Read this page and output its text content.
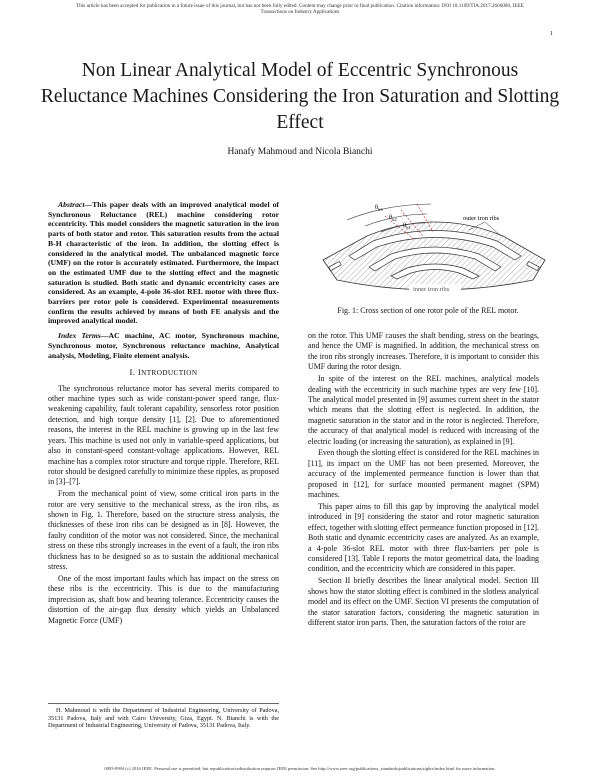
This article has been accepted for publication in a future issue of this journal, but has not been fully edited. Content may change prior to final publication. Citation information: DOI 10.1109/TIA.2017.2666086, IEEE
Transactions on Industry Applications
1
Non Linear Analytical Model of Eccentric Synchronous Reluctance Machines Considering the Iron Saturation and Slotting Effect
Hanafy Mahmoud and Nicola Bianchi

Abstract—This paper deals with an improved analytical model of Synchronous Reluctance (REL) machine considering rotor eccentricity. This model considers the magnetic saturation in the iron parts of both stator and rotor. This saturation results from the actual B-H characteristic of the iron. In addition, the slotting effect is considered in the analytical model. The unbalanced magnetic force (UMF) on the rotor is accurately estimated. Furthermore, the impact on the estimated UMF due to the slotting effect and the magnetic saturation is studied. Both static and dynamic eccentricity cases are considered. As an example, 4-pole 36-slot REL motor with three flux-barriers per rotor pole is considered. Experimental measurements confirm the results achieved by means of both FE analysis and the improved analytical model.

Index Terms—AC machine, AC motor, Synchronous machine, Synchronous motor, Synchronous reluctance machine, Analytical analysis, Modeling, Finite element analysis.

I. INTRODUCTION

The synchronous reluctance motor has several merits compared to other machine types such as wide constant-power speed range, flux-weakening capability, fault tolerant capability, sensorless rotor position detection, and high torque density [1], [2]. Due to aforementioned reasons, the interest in the REL machine is growing up in the last few years. This machine is used not only in variable-speed applications, but also in constant-speed constant-voltage applications. However, REL machine has a complex rotor structure and torque ripple. Therefore, REL rotor should be designed carefully to minimize these ripples, as proposed in [3]–[7].

From the mechanical point of view, some critical iron parts in the rotor are very sensitive to the mechanical stress, as the iron ribs, as shown in Fig. 1. Therefore, based on the structure stress analysis, the thicknesses of these iron ribs can be designed as in [8]. However, the faulty condition of the motor was not considered. Since, the mechanical stress on these ribs strongly increases in the event of a fault, the iron ribs thickness has to be designed so as to sustain the additional mechanical stress.

One of the most important faults which has impact on the stress on these ribs is the eccentricity. This is due to the manufacturing imprecision as, shaft bow and bearing tolerance. Eccentricity causes the distortion of the air-gap flux density which yields an Unbalanced Magnetic Force (UMF)

H. Mahmoud is with the Department of Industrial Engineering, University of Padova, 35131 Padova, Italy and with Cairo University, Giza, Egypt. N. Bianchi is with the Department of Industrial Engineering, University of Padova, 35131 Padova, Italy.

$\theta_{b3}$
$\theta_{b2}$
$\theta_{b1}$
outer iron ribs
inner iron ribs
Fig. 1: Cross section of one rotor pole of the REL motor.

on the rotor. This UMF causes the shaft bending, stress on the bearings, and hence the UMF is magnified. In addition, the mechanical stress on the iron ribs strongly increases. Therefore, it is important to consider this UMF during the rotor design.

In spite of the interest on the REL machines, analytical models dealing with the eccentricity in such machine types are very few [10]. The analytical model presented in [9] assumes current sheet in the stator which means that the slotting effect is neglected. In addition, the magnetic saturation in the stator and in the rotor is neglected. Therefore, the accuracy of that analytical model is reduced with increasing of the electric loading (or increasing the saturation), as explained in [9].

Even though the slotting effect is considered for the REL machines in [11], its impact on the UMF has not been presented. Moreover, the accuracy of the implemented permeance function is lower than that proposed in [12], for surface mounted permanent magnet (SPM) machines.

This paper aims to fill this gap by improving the analytical model introduced in [9] considering the stator and rotor magnetic saturation effect, together with slotting effect permeance function proposed in [12]. Both static and dynamic eccentricity cases are analyzed. As an example, a 4-pole 36-slot REL motor with three flux-barriers per pole is considered [13]. Table I reports the motor geometrical data, the loading condition, and the eccentricity which are considered in this paper.

Section II briefly describes the linear analytical model. Section III shows how the stator slotting effect is combined in the slotless analytical model and its effect on the UMF. Section VI presents the computation of the stator saturation factors, considering the magnetic saturation in different stator iron parts. Then, the saturation factors of the rotor are

0093-9994 (c) 2016 IEEE. Personal use is permitted, but republication/redistribution requires IEEE permission. See http://www.ieee.org/publications_standards/publications/rights/index.html for more information.
